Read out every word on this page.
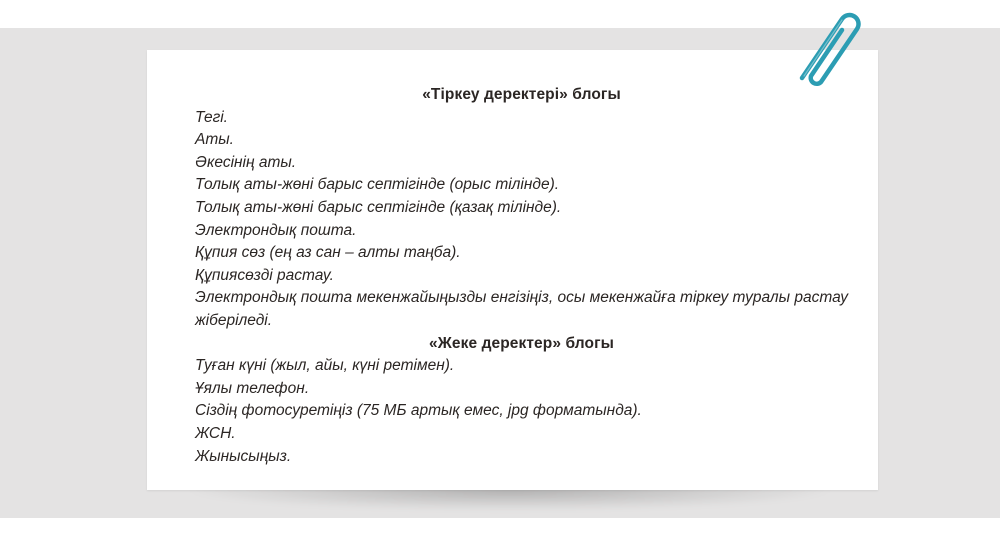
«Тіркеу деректері» блогы

Тегі.

Аты.

Әкесінің аты.

Толық аты-жөні барыс септігінде (орыс тілінде).

Толық аты-жөні барыс септігінде (қазақ тілінде).

Электрондық пошта.

Құпия сөз (ең аз сан – алты таңба).

Құпиясөзді растау.

Электрондық пошта мекенжайыңызды енгізіңіз, осы мекенжайға тіркеу туралы растау жіберіледі.

«Жеке деректер» блогы

Туған күні (жыл, айы, күні ретімен).

Ұялы телефон.

Сіздің фотосуретіңіз (75 МБ артық емес, jpg форматында).

ЖСН.

Жынысыңыз.
